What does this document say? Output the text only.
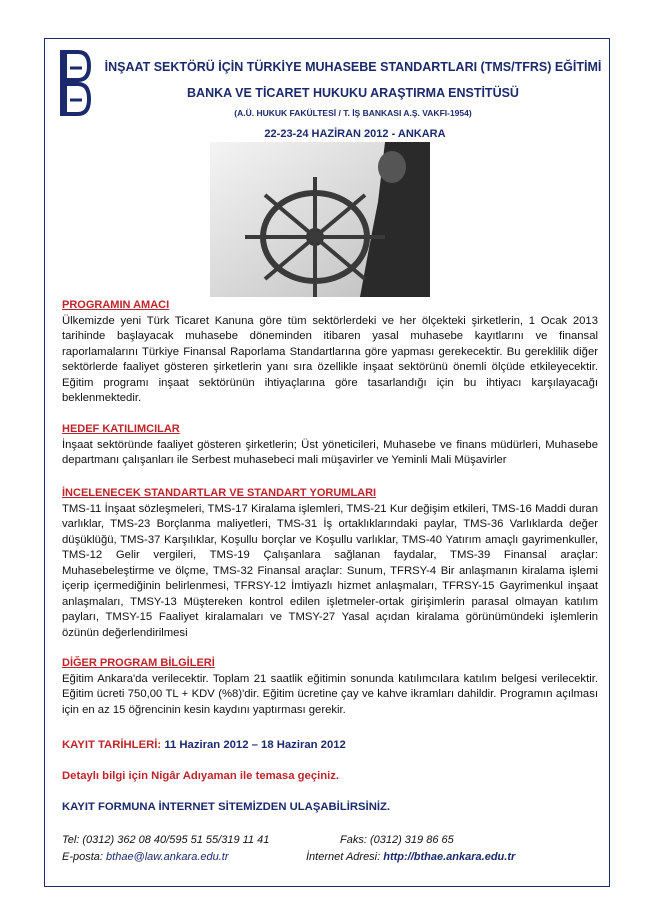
İNŞAAT SEKTÖRÜ İÇİN TÜRKİYE MUHASEBE STANDARTLARI (TMS/TFRS) EĞİTİMİ
BANKA VE TİCARET HUKUKU ARAŞTIRMA ENSTİTÜSÜ
(A.Ü. HUKUK FAKÜLTESİ / T. İŞ BANKASI A.Ş. VAKFI-1954)
22-23-24 HAZİRAN 2012 - ANKARA
PROGRAMIN AMACI
Ülkemizde yeni Türk Ticaret Kanuna göre tüm sektörlerdeki ve her ölçekteki şirketlerin, 1 Ocak 2013 tarihinde başlayacak muhasebe döneminden itibaren yasal muhasebe kayıtlarını ve finansal raporlamalarını Türkiye Finansal Raporlama Standartlarına göre yapması gerekecektir. Bu gereklilik diğer sektörlerde faaliyet gösteren şirketlerin yanı sıra özellikle inşaat sektörünü önemli ölçüde etkileyecektir. Eğitim programı inşaat sektörünün ihtiyaçlarına göre tasarlandığı için bu ihtiyacı karşılayacağı beklenmektedir.
HEDEF KATILIMCILAR
İnşaat sektöründe faaliyet gösteren şirketlerin; Üst yöneticileri, Muhasebe ve finans müdürleri, Muhasebe departmanı çalışanları ile Serbest muhasebeci mali müşavirler ve Yeminli Mali Müşavirler
İNCELENECEK STANDARTLAR VE STANDART YORUMLARI
TMS-11 İnşaat sözleşmeleri, TMS-17 Kiralama işlemleri, TMS-21 Kur değişim etkileri, TMS-16 Maddi duran varlıklar, TMS-23 Borçlanma maliyetleri, TMS-31 İş ortaklıklarındaki paylar, TMS-36 Varlıklarda değer düşüklüğü, TMS-37 Karşılıklar, Koşullu borçlar ve Koşullu varlıklar, TMS-40 Yatırım amaçlı gayrimenkuller, TMS-12 Gelir vergileri, TMS-19 Çalışanlara sağlanan faydalar, TMS-39 Finansal araçlar: Muhasebeleştirme ve ölçme, TMS-32 Finansal araçlar: Sunum, TFRSY-4 Bir anlaşmanın kiralama işlemi içerip içermediğinin belirlenmesi, TFRSY-12 İmtiyazlı hizmet anlaşmaları, TFRSY-15 Gayrimenkul inşaat anlaşmaları, TMSY-13 Müştereken kontrol edilen işletmeler-ortak girişimlerin parasal olmayan katılım payları, TMSY-15 Faaliyet kiralamaları ve TMSY-27 Yasal açıdan kiralama görünümündeki işlemlerin özünün değerlendirilmesi
DİĞER PROGRAM BİLGİLERİ
Eğitim Ankara'da verilecektir. Toplam 21 saatlik eğitimin sonunda katılımcılara katılım belgesi verilecektir. Eğitim ücreti 750,00 TL + KDV (%8)'dir. Eğitim ücretine çay ve kahve ikramları dahildir. Programın açılması için en az 15 öğrencinin kesin kaydını yaptırması gerekir.
KAYIT TARİHLERİ: 11 Haziran 2012 – 18 Haziran 2012
Detaylı bilgi için Nigâr Adıyaman ile temasa geçiniz.
KAYIT FORMUNA İNTERNET SİTEMİZDEN ULAŞABİLİRSİNİZ.
Tel: (0312) 362 08 40/595 51 55/319 11 41	Faks: (0312) 319 86 65
E-posta: bthae@law.ankara.edu.tr	İnternet Adresi: http://bthae.ankara.edu.tr
